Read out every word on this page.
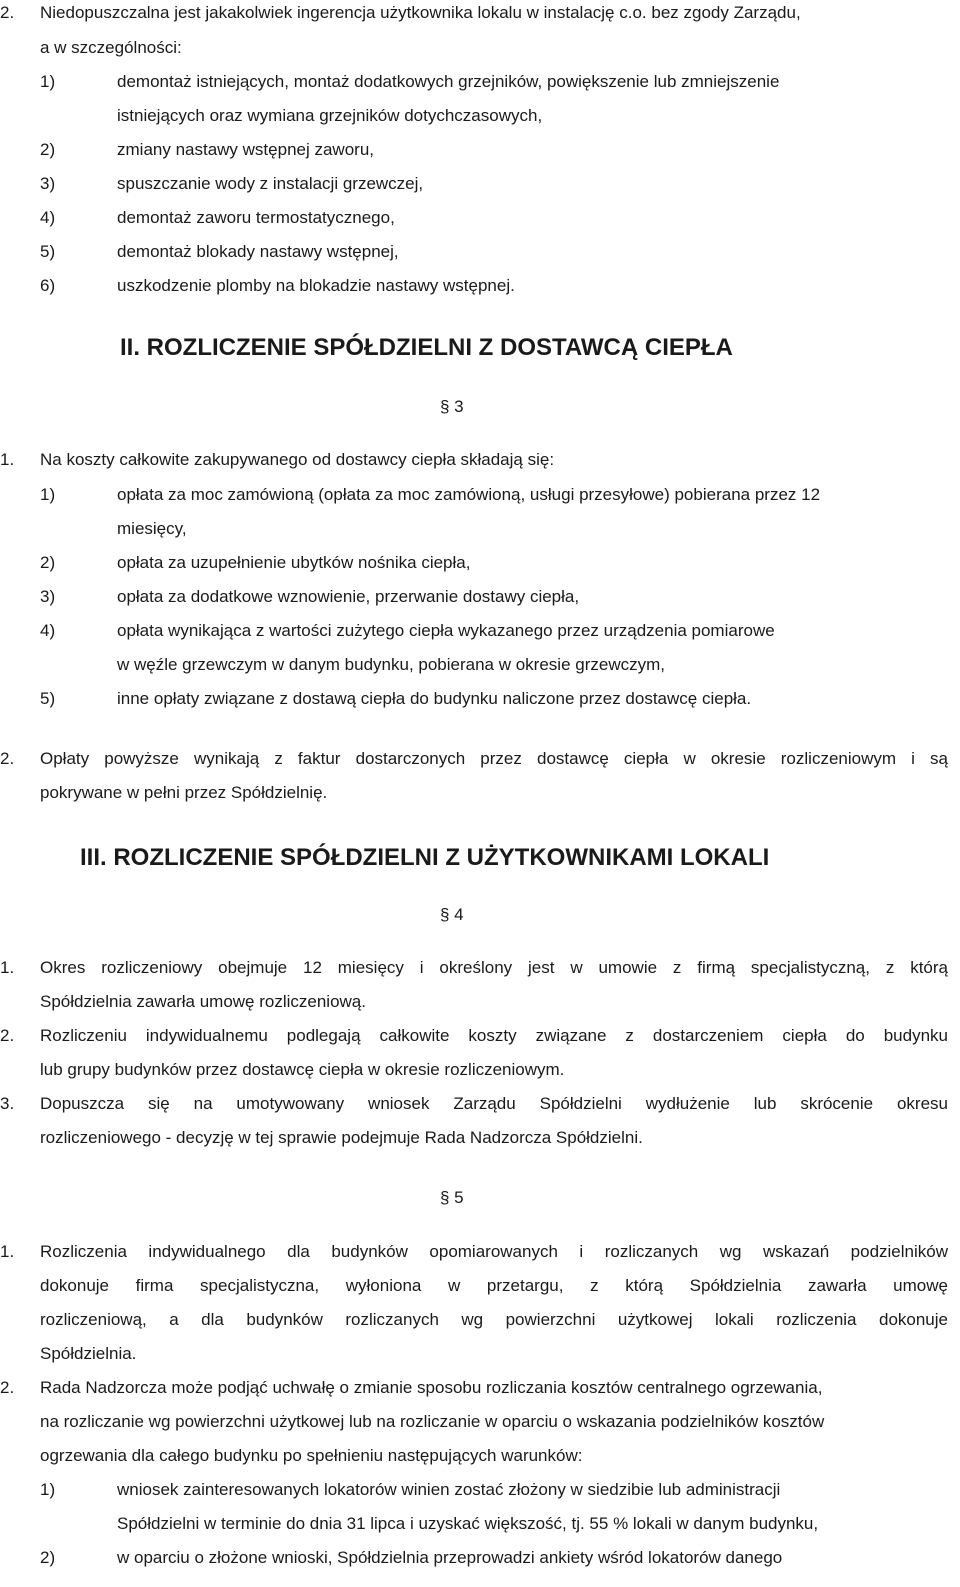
2. Niedopuszczalna jest jakakolwiek ingerencja użytkownika lokalu w instalację c.o. bez zgody Zarządu,
a w szczególności:
1)	demontaż istniejących, montaż dodatkowych grzejników, powiększenie lub zmniejszenie
istniejących oraz wymiana grzejników dotychczasowych,
2)	zmiany nastawy wstępnej zaworu,
3)	spuszczanie wody z instalacji grzewczej,
4)	demontaż zaworu termostatycznego,
5)	demontaż blokady nastawy wstępnej,
6)	uszkodzenie plomby na blokadzie nastawy wstępnej.
II. ROZLICZENIE SPÓŁDZIELNI Z DOSTAWCĄ CIEPŁA
§ 3
1. Na koszty całkowite zakupywanego od dostawcy ciepła składają się:
1)	opłata za moc zamówioną (opłata za moc zamówioną, usługi przesyłowe) pobierana przez 12
miesięcy,
2)	opłata za uzupełnienie ubytków nośnika ciepła,
3)	opłata za dodatkowe wznowienie, przerwanie dostawy ciepła,
4)	opłata wynikająca z wartości zużytego ciepła wykazanego przez urządzenia pomiarowe
w węźle grzewczym w danym budynku, pobierana w okresie grzewczym,
5)	inne opłaty związane z dostawą ciepła do budynku naliczone przez dostawcę ciepła.
2. Opłaty powyższe wynikają z faktur dostarczonych przez dostawcę ciepła w okresie rozliczeniowym i są
pokrywane w pełni przez Spółdzielnię.
III. ROZLICZENIE SPÓŁDZIELNI Z UŻYTKOWNIKAMI LOKALI
§ 4
1. Okres rozliczeniowy obejmuje 12 miesięcy i określony jest w umowie z firmą specjalistyczną, z którą
Spółdzielnia zawarła umowę rozliczeniową.
2. Rozliczeniu indywidualnemu podlegają całkowite koszty związane z dostarczeniem ciepła do budynku
lub grupy budynków przez dostawcę ciepła w okresie rozliczeniowym.
3. Dopuszcza się na umotywowany wniosek Zarządu Spółdzielni wydłużenie lub skrócenie okresu
rozliczeniowego - decyzję w tej sprawie podejmuje Rada Nadzorcza Spółdzielni.
§ 5
1. Rozliczenia indywidualnego dla budynków opomiarowanych i rozliczanych wg wskazań podzielników
dokonuje firma specjalistyczna, wyłoniona w przetargu, z którą Spółdzielnia zawarła umowę
rozliczeniową, a dla budynków rozliczanych wg powierzchni użytkowej lokali rozliczenia dokonuje
Spółdzielnia.
2. Rada Nadzorcza może podjąć uchwałę o zmianie sposobu rozliczania kosztów centralnego ogrzewania,
na rozliczanie wg powierzchni użytkowej lub na rozliczanie w oparciu o wskazania podzielników kosztów
ogrzewania dla całego budynku po spełnieniu następujących warunków:
1)	wniosek zainteresowanych lokatorów winien zostać złożony w siedzibie lub administracji
Spółdzielni w terminie do dnia 31 lipca i uzyskać większość, tj. 55 % lokali w danym budynku,
2)	w oparciu o złożone wnioski, Spółdzielnia przeprowadzi ankiety wśród lokatorów danego
